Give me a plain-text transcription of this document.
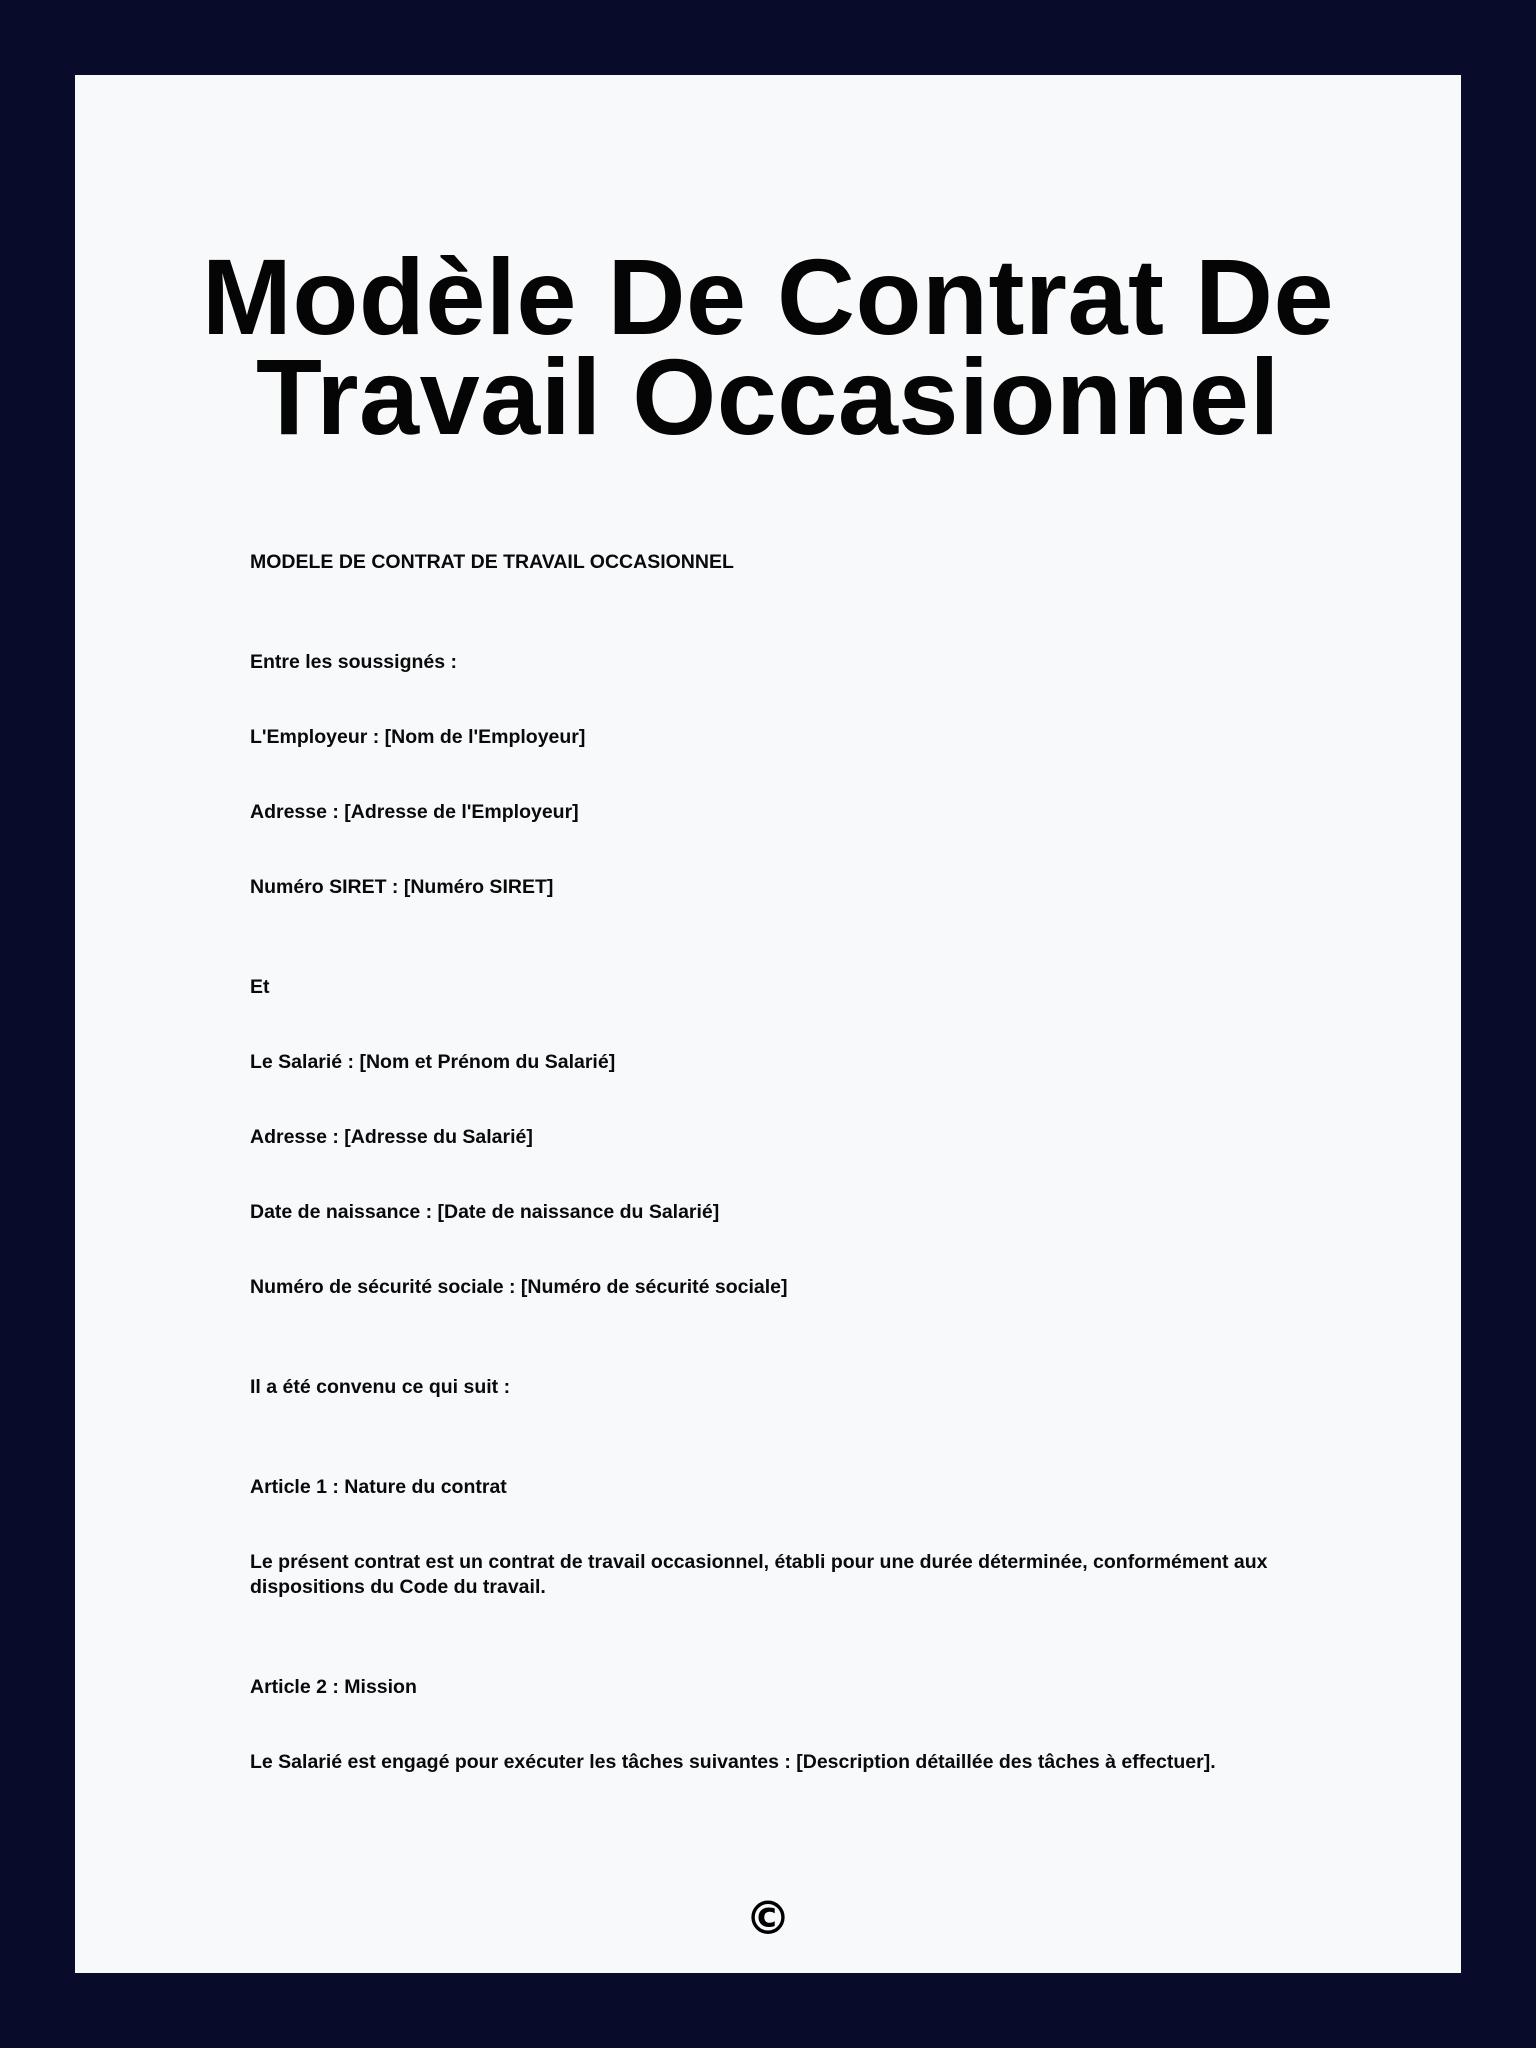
Modèle De Contrat De Travail Occasionnel

MODELE DE CONTRAT DE TRAVAIL OCCASIONNEL

Entre les soussignés :

L'Employeur : [Nom de l'Employeur]

Adresse : [Adresse de l'Employeur]

Numéro SIRET : [Numéro SIRET]

Et

Le Salarié : [Nom et Prénom du Salarié]

Adresse : [Adresse du Salarié]

Date de naissance : [Date de naissance du Salarié]

Numéro de sécurité sociale : [Numéro de sécurité sociale]

Il a été convenu ce qui suit :

Article 1 : Nature du contrat

Le présent contrat est un contrat de travail occasionnel, établi pour une durée déterminée, conformément aux dispositions du Code du travail.

Article 2 : Mission

Le Salarié est engagé pour exécuter les tâches suivantes : [Description détaillée des tâches à effectuer].

©
